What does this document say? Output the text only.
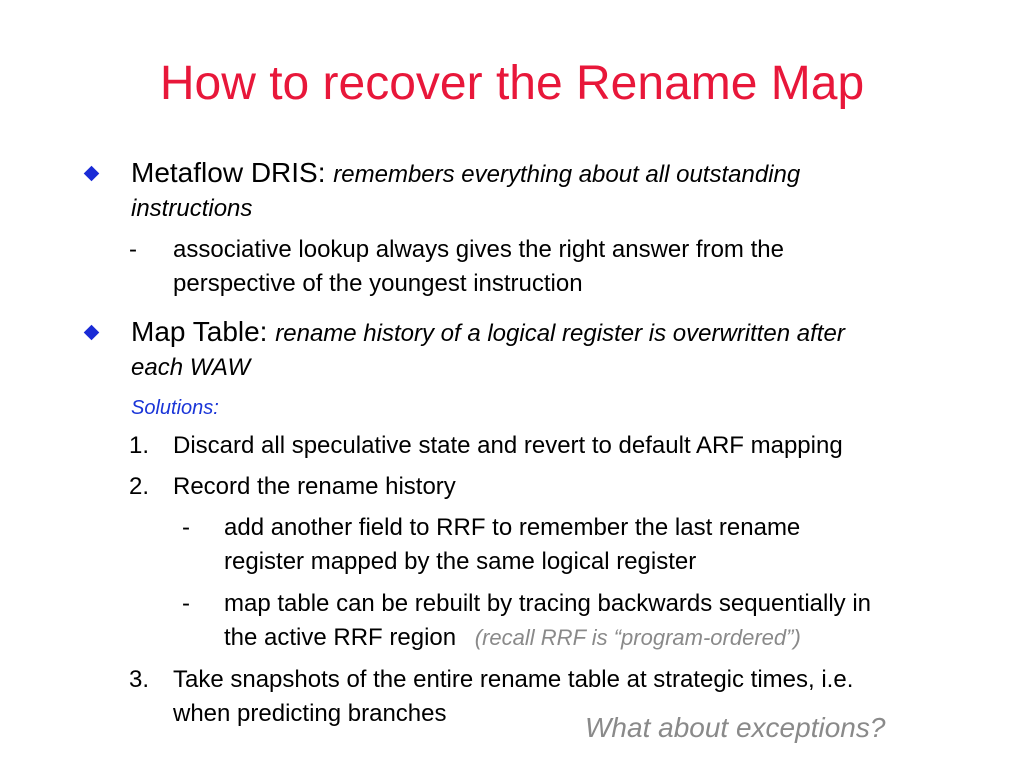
How to recover the Rename Map
Metaflow DRIS: remembers everything about all outstanding
instructions
- associative lookup always gives the right answer from the
perspective of the youngest instruction
Map Table: rename history of a logical register is overwritten after
each WAW
Solutions:
1. Discard all speculative state and revert to default ARF mapping
2. Record the rename history
- add another field to RRF to remember the last rename
register mapped by the same logical register
- map table can be rebuilt by tracing backwards sequentially in
the active RRF region (recall RRF is “program-ordered”)
3. Take snapshots of the entire rename table at strategic times, i.e.
when predicting branches	What about exceptions?
